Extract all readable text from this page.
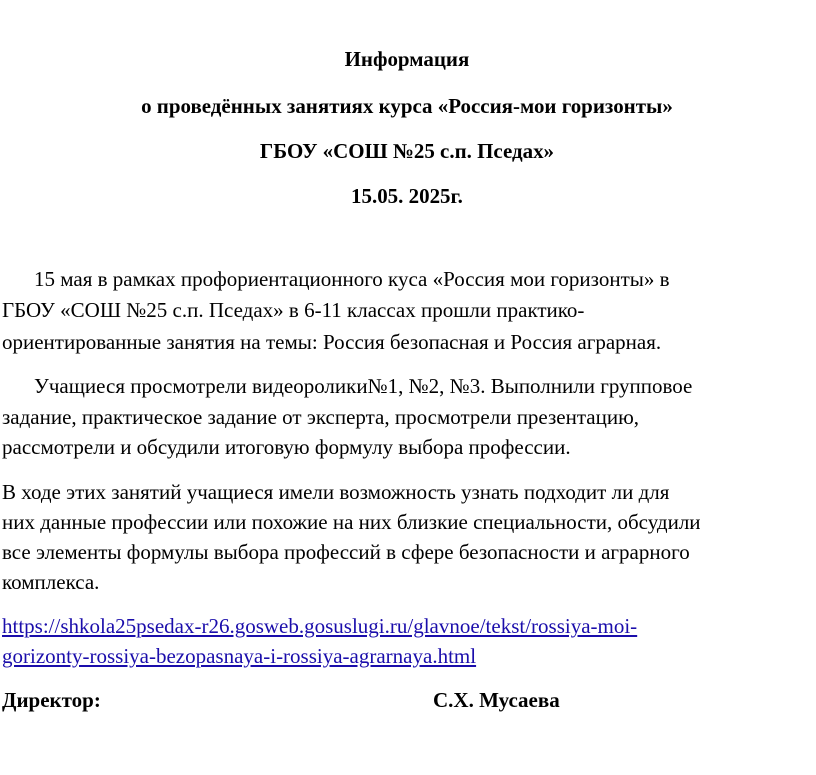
Информация
о проведённых занятиях курса «Россия-мои горизонты»
ГБОУ «СОШ №25 с.п. Пседах»
15.05. 2025г.
15 мая в рамках профориентационного куса «Россия мои горизонты» в
ГБОУ «СОШ №25 с.п. Пседах» в 6-11 классах прошли практико-
ориентированные занятия на темы: Россия безопасная и Россия аграрная.
Учащиеся просмотрели видеоролики№1, №2, №3. Выполнили групповое
задание, практическое задание от эксперта, просмотрели презентацию,
рассмотрели и обсудили итоговую формулу выбора профессии.
В ходе этих занятий учащиеся имели возможность узнать подходит ли для
них данные профессии или похожие на них близкие специальности, обсудили
все элементы формулы выбора профессий в сфере безопасности и аграрного
комплекса.
https://shkola25psedax-r26.gosweb.gosuslugi.ru/glavnoe/tekst/rossiya-moi-
gorizonty-rossiya-bezopasnaya-i-rossiya-agrarnaya.html
Директор:	С.Х. Мусаева
